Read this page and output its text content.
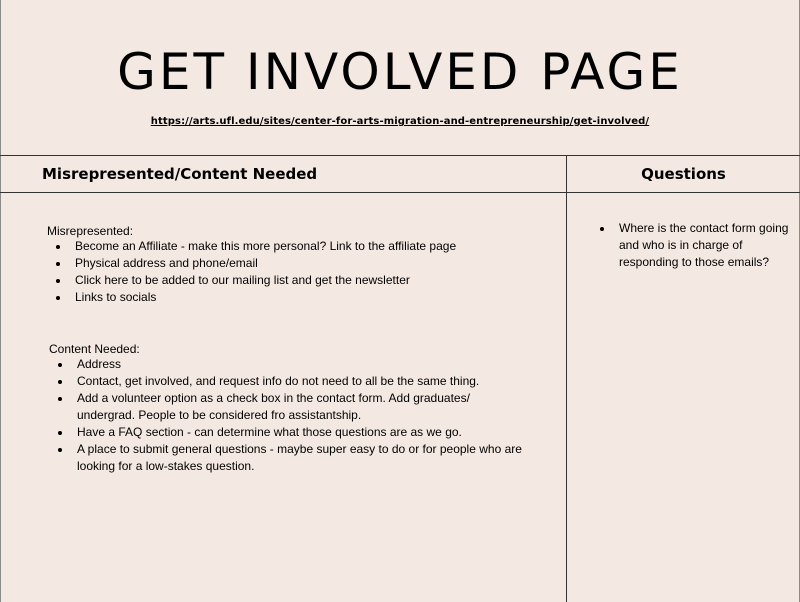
GET INVOLVED PAGE
https://arts.ufl.edu/sites/center-for-arts-migration-and-entrepreneurship/get-involved/
Misrepresented/Content Needed	Questions
Misrepresented:
Become an Affiliate - make this more personal? Link to the affiliate page
Physical address and phone/email
Click here to be added to our mailing list and get the newsletter
Links to socials
Content Needed:
Address
Contact, get involved, and request info do not need to all be the same thing.
Add a volunteer option as a check box in the contact form. Add graduates/ undergrad. People to be considered fro assistantship.
Have a FAQ section - can determine what those questions are as we go.
A place to submit general questions - maybe super easy to do or for people who are looking for a low-stakes question.
Where is the contact form going and who is in charge of responding to those emails?
